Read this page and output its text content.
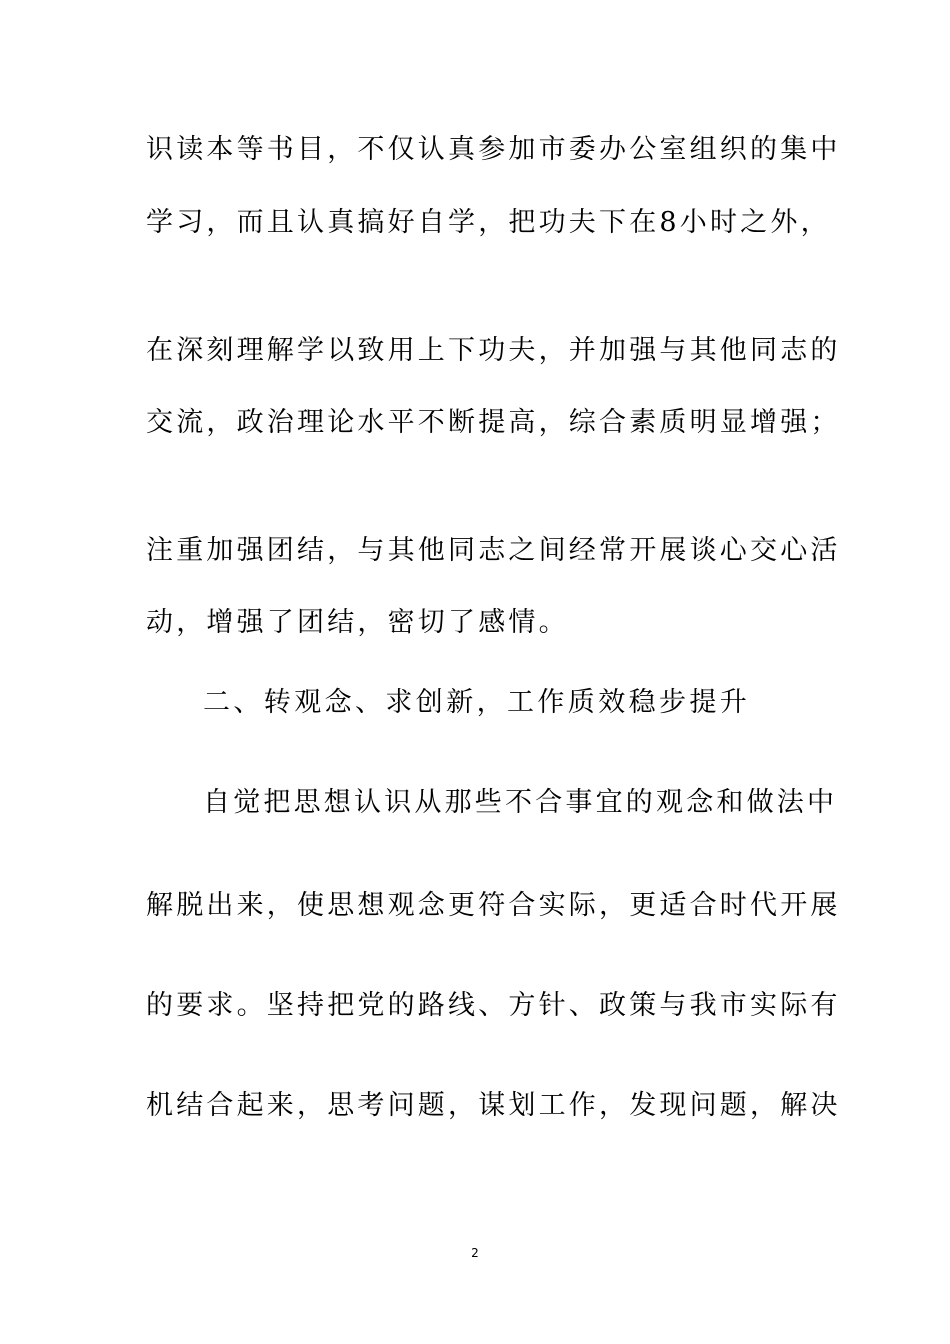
识读本等书目，不仅认真参加市委办公室组织的集中
学习，而且认真搞好自学，把功夫下在8小时之外，
在深刻理解学以致用上下功夫，并加强与其他同志的
交流，政治理论水平不断提高，综合素质明显增强；
注重加强团结，与其他同志之间经常开展谈心交心活
动，增强了团结，密切了感情。
二、转观念、求创新，工作质效稳步提升
自觉把思想认识从那些不合事宜的观念和做法中
解脱出来，使思想观念更符合实际，更适合时代开展
的要求。坚持把党的路线、方针、政策与我市实际有
机结合起来，思考问题，谋划工作，发现问题，解决
2
